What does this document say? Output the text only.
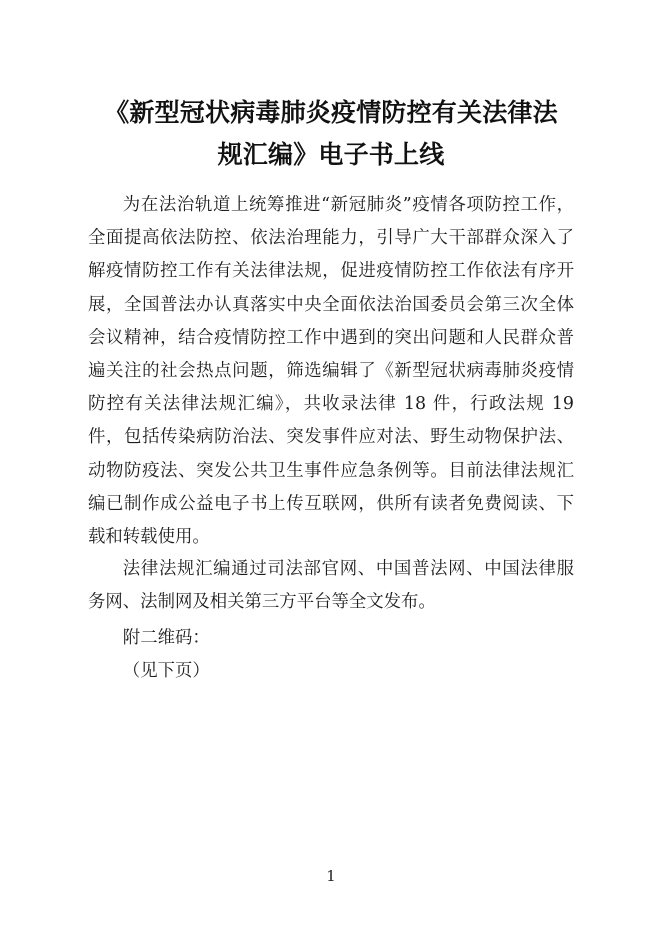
《新型冠状病毒肺炎疫情防控有关法律法
规汇编》电子书上线

为在法治轨道上统筹推进“新冠肺炎”疫情各项防控工作，全面提高依法防控、依法治理能力，引导广大干部群众深入了解疫情防控工作有关法律法规，促进疫情防控工作依法有序开展，全国普法办认真落实中央全面依法治国委员会第三次全体会议精神，结合疫情防控工作中遇到的突出问题和人民群众普遍关注的社会热点问题，筛选编辑了《新型冠状病毒肺炎疫情防控有关法律法规汇编》，共收录法律 18 件，行政法规 19 件，包括传染病防治法、突发事件应对法、野生动物保护法、动物防疫法、突发公共卫生事件应急条例等。目前法律法规汇编已制作成公益电子书上传互联网，供所有读者免费阅读、下载和转载使用。

法律法规汇编通过司法部官网、中国普法网、中国法律服务网、法制网及相关第三方平台等全文发布。

附二维码：

（见下页）

1
